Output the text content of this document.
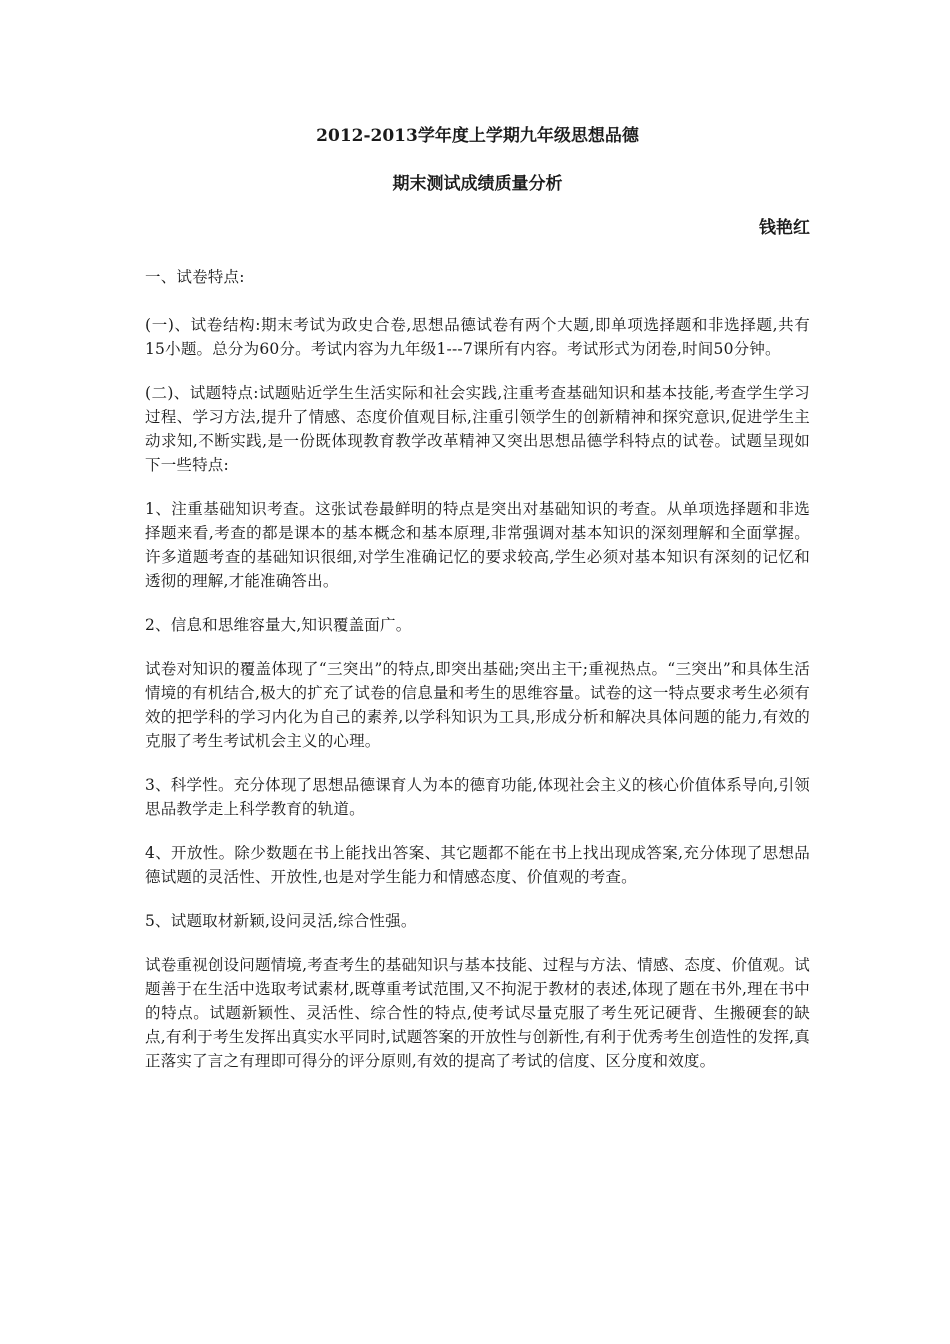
2012-2013学年度上学期九年级思想品德

期末测试成绩质量分析

钱艳红

一、试卷特点:

(一)、试卷结构:期末考试为政史合卷,思想品德试卷有两个大题,即单项选择题和非选择题,共有15小题。总分为60分。考试内容为九年级1---7课所有内容。考试形式为闭卷,时间50分钟。

(二)、试题特点:试题贴近学生生活实际和社会实践,注重考查基础知识和基本技能,考查学生学习过程、学习方法,提升了情感、态度价值观目标,注重引领学生的创新精神和探究意识,促进学生主动求知,不断实践,是一份既体现教育教学改革精神又突出思想品德学科特点的试卷。试题呈现如下一些特点:

1、注重基础知识考查。这张试卷最鲜明的特点是突出对基础知识的考查。从单项选择题和非选择题来看,考查的都是课本的基本概念和基本原理,非常强调对基本知识的深刻理解和全面掌握。许多道题考查的基础知识很细,对学生准确记忆的要求较高,学生必须对基本知识有深刻的记忆和透彻的理解,才能准确答出。

2、信息和思维容量大,知识覆盖面广。

试卷对知识的覆盖体现了“三突出”的特点,即突出基础;突出主干;重视热点。“三突出”和具体生活情境的有机结合,极大的扩充了试卷的信息量和考生的思维容量。试卷的这一特点要求考生必须有效的把学科的学习内化为自己的素养,以学科知识为工具,形成分析和解决具体问题的能力,有效的克服了考生考试机会主义的心理。

3、科学性。充分体现了思想品德课育人为本的德育功能,体现社会主义的核心价值体系导向,引领思品教学走上科学教育的轨道。

4、开放性。除少数题在书上能找出答案、其它题都不能在书上找出现成答案,充分体现了思想品德试题的灵活性、开放性,也是对学生能力和情感态度、价值观的考查。

5、试题取材新颖,设问灵活,综合性强。

试卷重视创设问题情境,考查考生的基础知识与基本技能、过程与方法、情感、态度、价值观。试题善于在生活中选取考试素材,既尊重考试范围,又不拘泥于教材的表述,体现了题在书外,理在书中的特点。试题新颖性、灵活性、综合性的特点,使考试尽量克服了考生死记硬背、生搬硬套的缺点,有利于考生发挥出真实水平同时,试题答案的开放性与创新性,有利于优秀考生创造性的发挥,真正落实了言之有理即可得分的评分原则,有效的提高了考试的信度、区分度和效度。
